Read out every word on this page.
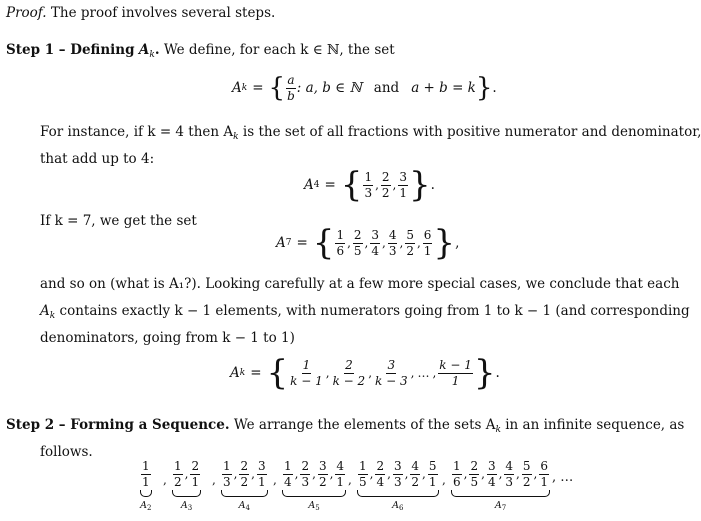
Proof. The proof involves several steps.
Step 1 – Defining $A_k$. We define, for each k ∈ ℕ, the set
A k = { $\frac{a}{b}$ : a, b ∈ ℕ and a + b = k } .
For instance, if k = 4 then $A_k$ is the set of all fractions with positive numerator and denominator,
that add up to 4:
A 4 = { $\frac{1}{3}$ , $\frac{2}{2}$ , $\frac{3}{1}$ } .
If k = 7, we get the set
A 7 = { $\frac{1}{6}$ , $\frac{2}{5}$ , $\frac{3}{4}$ , $\frac{4}{3}$ , $\frac{5}{2}$ , $\frac{6}{1}$ } ,
and so on (what is A₁?). Looking carefully at a few more special cases, we conclude that each
$A_k$ contains exactly k − 1 elements, with numerators going from 1 to k − 1 (and corresponding
denominators, going from k − 1 to 1)
A k = { $\frac{1}{k - 1}$ , $\frac{2}{k - 2}$ , $\frac{3}{k - 3}$ , … , $\frac{k - 1}{1}$ } .
Step 2 – Forming a Sequence. We arrange the elements of the sets $A_k$ in an infinite sequence, as
follows.
$\frac{1}{1}$
$A_2$
, $\frac{1}{2}$ , $\frac{2}{1}$
$A_3$
, $\frac{1}{3}$ , $\frac{2}{2}$ , $\frac{3}{1}$
$A_4$
, $\frac{1}{4}$ , $\frac{2}{3}$ , $\frac{3}{2}$ , $\frac{4}{1}$
$A_5$
, $\frac{1}{5}$ , $\frac{2}{4}$ , $\frac{3}{3}$ , $\frac{4}{2}$ , $\frac{5}{1}$
$A_6$
, $\frac{1}{6}$ , $\frac{2}{5}$ , $\frac{3}{4}$ , $\frac{4}{3}$ , $\frac{5}{2}$ , $\frac{6}{1}$
$A_7$
, …
